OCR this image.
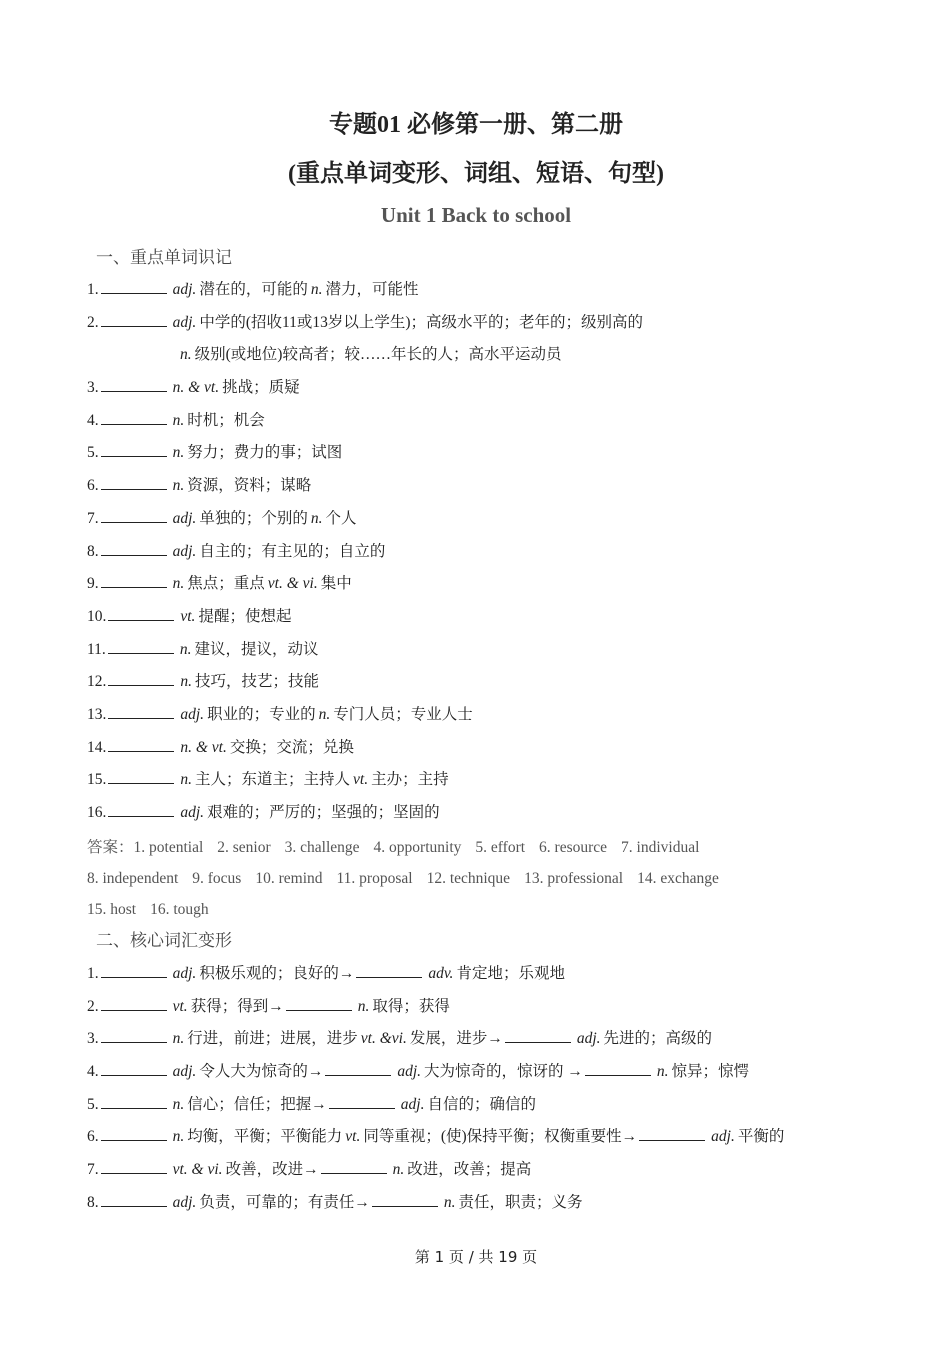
专题01 必修第一册、第二册
(重点单词变形、词组、短语、句型)
Unit 1 Back to school
一、重点单词识记
1.	adj. 潜在的，可能的 n. 潜力，可能性
2.	adj. 中学的(招收11或13岁以上学生)；高级水平的；老年的；级别高的
n. 级别(或地位)较高者；较……年长的人；高水平运动员
3.	n. & vt. 挑战；质疑
4.	n. 时机；机会
5.	n. 努力；费力的事；试图
6.	n. 资源，资料；谋略
7.	adj. 单独的；个别的 n. 个人
8.	adj. 自主的；有主见的；自立的
9.	n. 焦点；重点 vt. & vi. 集中
10.	vt. 提醒；使想起
11.	n. 建议，提议，动议
12.	n. 技巧，技艺；技能
13.	adj. 职业的；专业的 n. 专门人员；专业人士
14.	n. & vt. 交换；交流；兑换
15.	n. 主人；东道主；主持人 vt. 主办；主持
16.	adj. 艰难的；严厉的；坚强的；坚固的
答案：1. potential 2. senior 3. challenge 4. opportunity 5. effort 6. resource 7. individual
8. independent 9. focus 10. remind 11. proposal 12. technique 13. professional 14. exchange
15. host 16. tough
二、核心词汇变形
1.	adj. 积极乐观的；良好的→	adv. 肯定地；乐观地
2.	vt. 获得；得到→	n. 取得；获得
3.	n. 行进，前进；进展，进步 vt. &vi. 发展，进步→	adj. 先进的；高级的
4.	adj. 令人大为惊奇的→	adj. 大为惊奇的，惊讶的 →	n. 惊异；惊愕
5.	n. 信心；信任；把握→	adj. 自信的；确信的
6.	n. 均衡，平衡；平衡能力 vt. 同等重视；(使)保持平衡；权衡重要性→	adj. 平衡的
7.	vt. & vi. 改善，改进→	n. 改进，改善；提高
8.	adj. 负责，可靠的；有责任→	n. 责任，职责；义务
第 1 页 / 共 19 页
